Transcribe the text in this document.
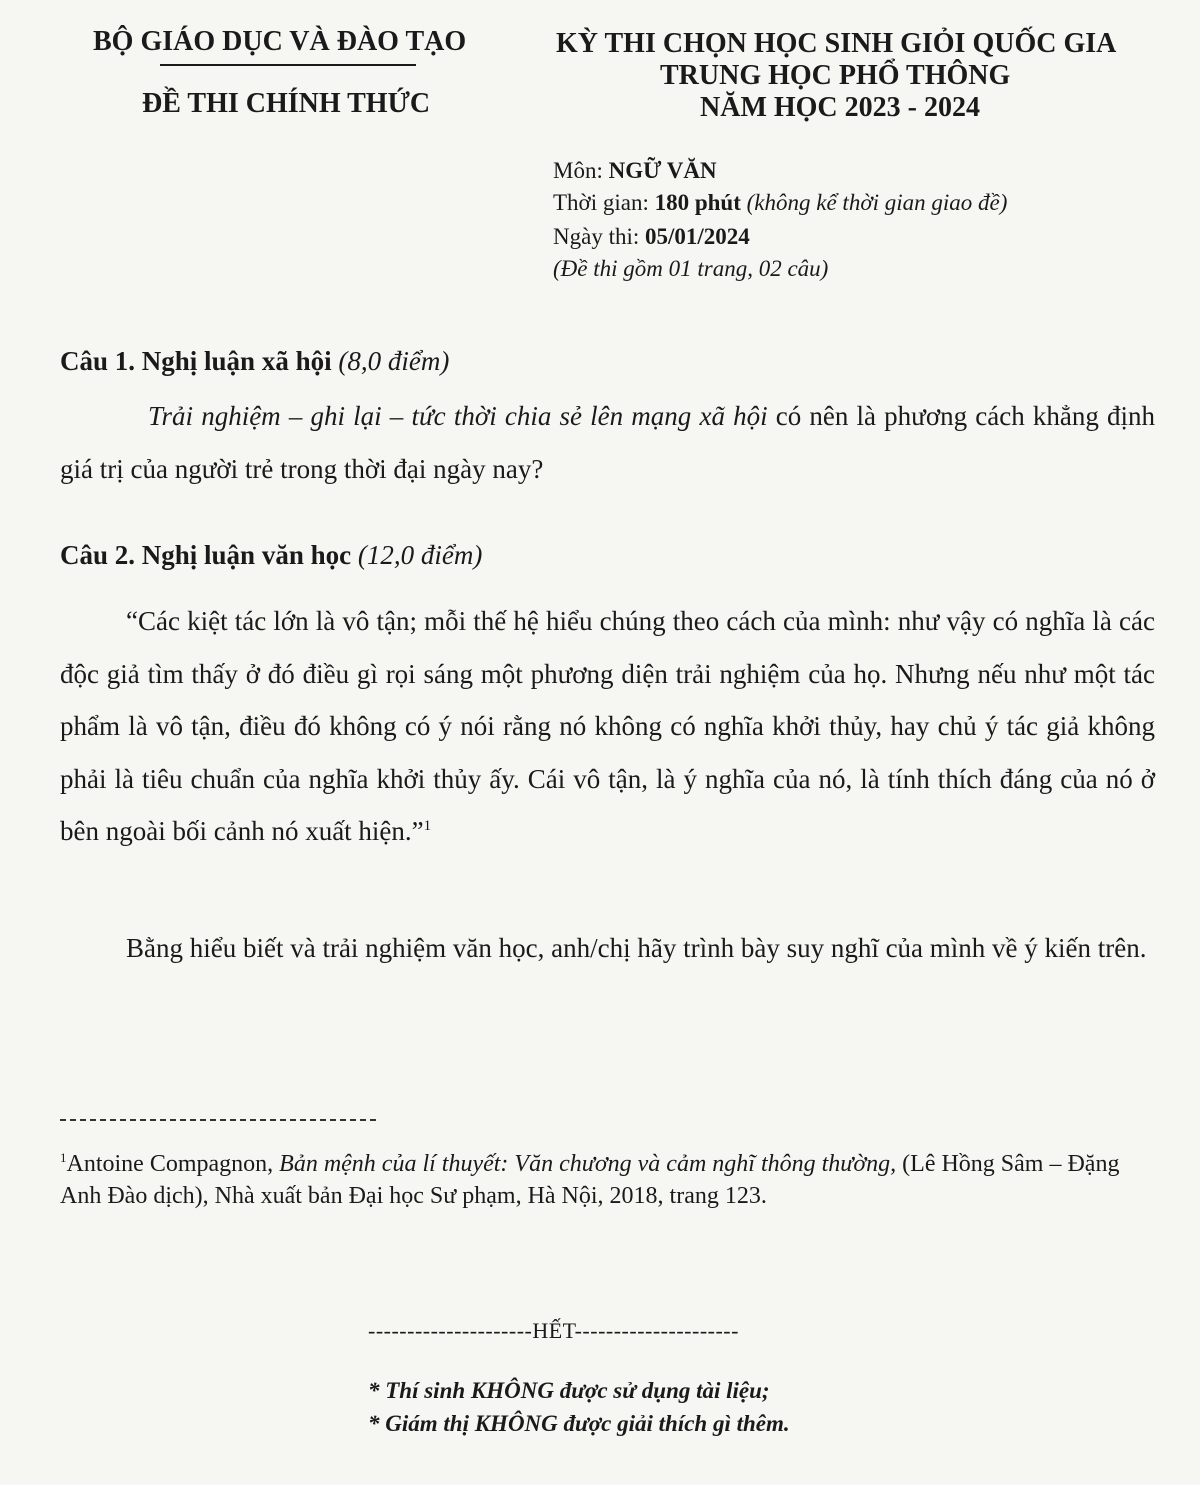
BỘ GIÁO DỤC VÀ ĐÀO TẠO
ĐỀ THI CHÍNH THỨC
KỲ THI CHỌN HỌC SINH GIỎI QUỐC GIA
TRUNG HỌC PHỔ THÔNG
NĂM HỌC 2023 - 2024
Môn: NGỮ VĂN
Thời gian: 180 phút (không kể thời gian giao đề)
Ngày thi: 05/01/2024
(Đề thi gồm 01 trang, 02 câu)
Câu 1. Nghị luận xã hội (8,0 điểm)
Trải nghiệm – ghi lại – tức thời chia sẻ lên mạng xã hội có nên là phương cách khẳng định giá trị của người trẻ trong thời đại ngày nay?
Câu 2. Nghị luận văn học (12,0 điểm)
“Các kiệt tác lớn là vô tận; mỗi thế hệ hiểu chúng theo cách của mình: như vậy có nghĩa là các độc giả tìm thấy ở đó điều gì rọi sáng một phương diện trải nghiệm của họ. Nhưng nếu như một tác phẩm là vô tận, điều đó không có ý nói rằng nó không có nghĩa khởi thủy, hay chủ ý tác giả không phải là tiêu chuẩn của nghĩa khởi thủy ấy. Cái vô tận, là ý nghĩa của nó, là tính thích đáng của nó ở bên ngoài bối cảnh nó xuất hiện.”$^1$
Bằng hiểu biết và trải nghiệm văn học, anh/chị hãy trình bày suy nghĩ của mình về ý kiến trên.
$^1$Antoine Compagnon, Bản mệnh của lí thuyết: Văn chương và cảm nghĩ thông thường, (Lê Hồng Sâm – Đặng Anh Đào dịch), Nhà xuất bản Đại học Sư phạm, Hà Nội, 2018, trang 123.
---------------------HẾT---------------------
* Thí sinh KHÔNG được sử dụng tài liệu;
* Giám thị KHÔNG được giải thích gì thêm.
